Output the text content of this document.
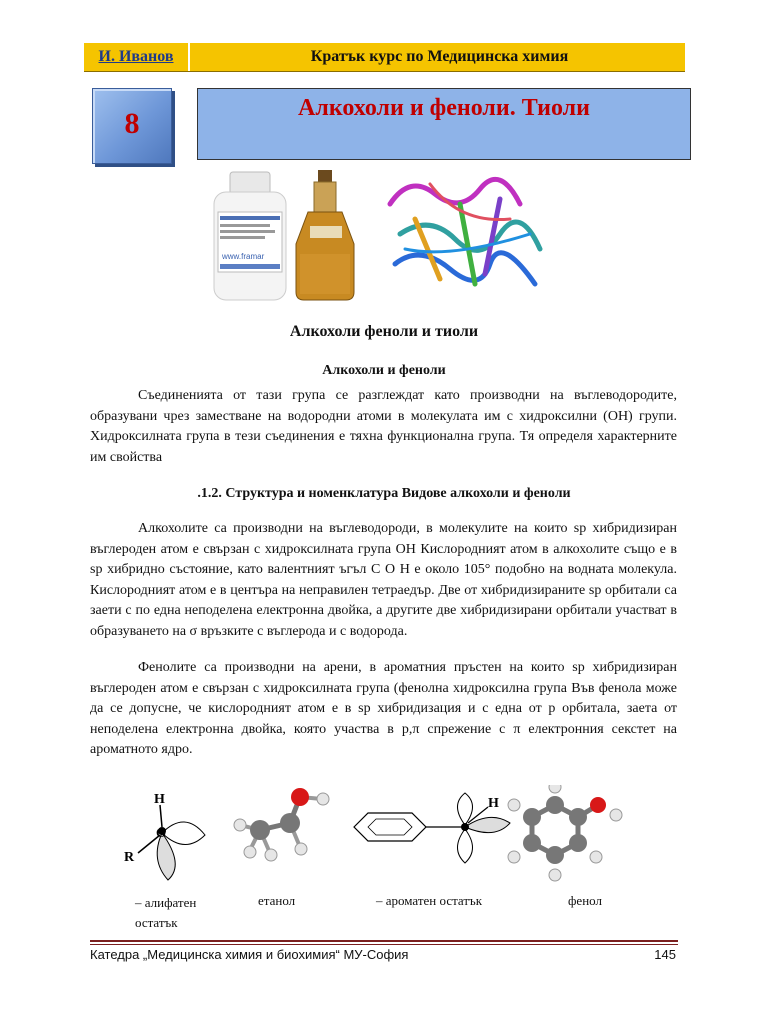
И. Иванов	Кратък курс по Медицинска химия
8	Алкохоли и феноли. Тиоли
www.framar
Алкохоли феноли и тиоли
Алкохоли и феноли

Съединенията от тази група се разглеждат като производни на въглеводородите, образувани чрез заместване на водородни атоми в молекулата им с хидроксилни (OH) групи. Хидроксилната група в тези съединения е тяхна функционална група. Тя определя характерните им свойства

.1.2. Структура и номенклатура Видове алкохоли и феноли

Алкохолите са производни на въглеводороди, в молекулите на които sp хибридизиран въглероден атом е свързан с хидроксилната група OH Кислородният атом в алкохолите също е в sp хибридно състояние, като валентният ъгъл C O H е около 105° подобно на водната молекула. Кислородният атом е в центъра на неправилен тетраедър. Две от хибридизираните sp орбитали са заети с по една неподелена електронна двойка, а другите две хибридизирани орбитали участват в образуването на σ връзките с въглерода и с водорода.

Фенолите са производни на арени, в ароматния пръстен на които sp хибридизиран въглероден атом е свързан с хидроксилната група (фенолна хидроксилна група Във фенола може да се допусне, че кислородният атом е в sp хибридизация и с една от p орбитала, заета от неподелена електронна двойка, която участва в p,π спрежение с π електронния секстет на ароматното ядро.

H
O
R
H
– алифатен остатък
етанол	– ароматен остатък	фенол
Катедра „Медицинска химия и биохимия“ МУ-София	145
